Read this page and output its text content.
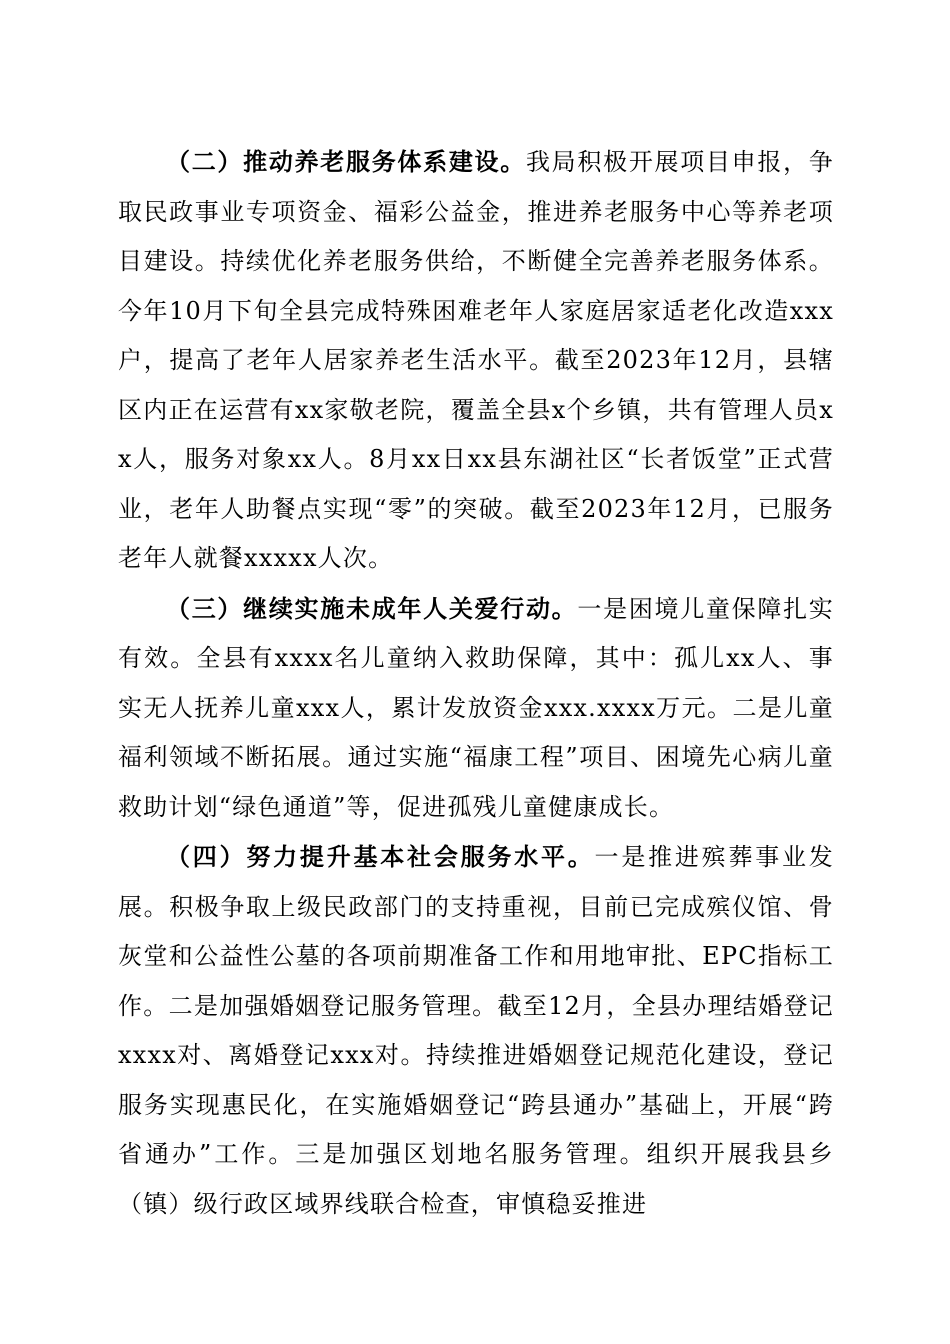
（二）推动养老服务体系建设。我局积极开展项目申报，争取民政事业专项资金、福彩公益金，推进养老服务中心等养老项目建设。持续优化养老服务供给，不断健全完善养老服务体系。今年10月下旬全县完成特殊困难老年人家庭居家适老化改造xxx户，提高了老年人居家养老生活水平。截至2023年12月，县辖区内正在运营有xx家敬老院，覆盖全县x个乡镇，共有管理人员xx人，服务对象xx人。8月xx日xx县东湖社区“长者饭堂”正式营业，老年人助餐点实现“零”的突破。截至2023年12月，已服务老年人就餐xxxxx人次。

（三）继续实施未成年人关爱行动。一是困境儿童保障扎实有效。全县有xxxx名儿童纳入救助保障，其中：孤儿xx人、事实无人抚养儿童xxx人，累计发放资金xxx.xxxx万元。二是儿童福利领域不断拓展。通过实施“福康工程”项目、困境先心病儿童救助计划“绿色通道”等，促进孤残儿童健康成长。

（四）努力提升基本社会服务水平。一是推进殡葬事业发展。积极争取上级民政部门的支持重视，目前已完成殡仪馆、骨灰堂和公益性公墓的各项前期准备工作和用地审批、EPC指标工作。二是加强婚姻登记服务管理。截至12月，全县办理结婚登记xxxx对、离婚登记xxx对。持续推进婚姻登记规范化建设，登记服务实现惠民化，在实施婚姻登记“跨县通办”基础上，开展“跨省通办”工作。三是加强区划地名服务管理。组织开展我县乡（镇）级行政区域界线联合检查，审慎稳妥推进
